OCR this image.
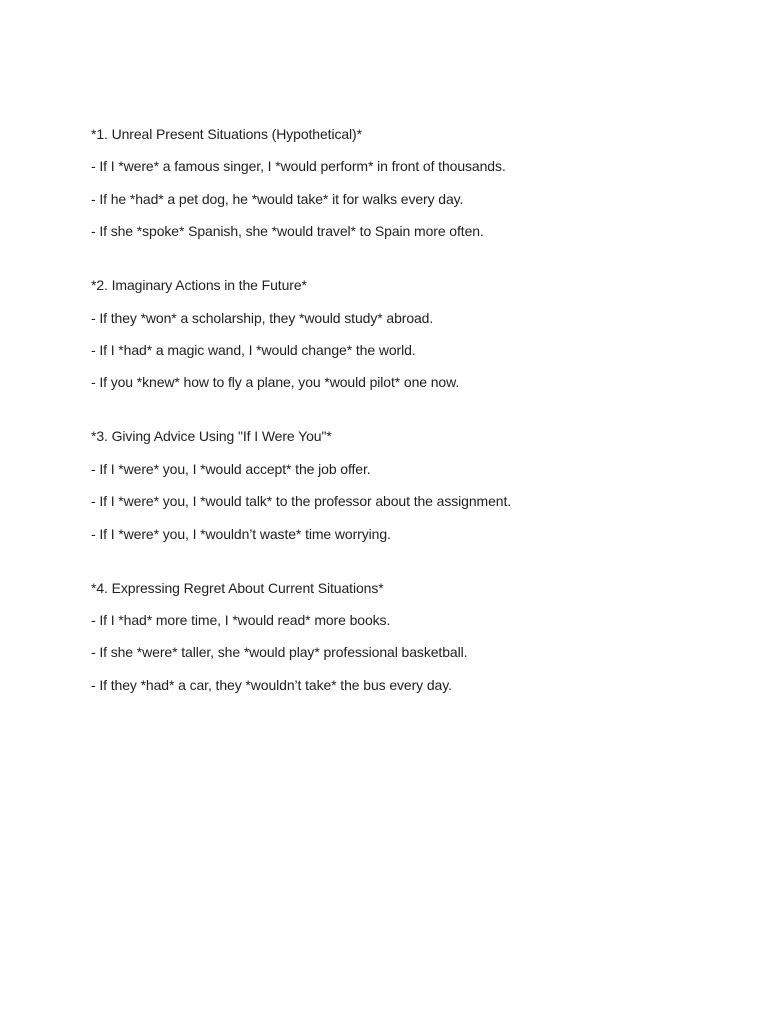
*1. Unreal Present Situations (Hypothetical)*

- If I *were* a famous singer, I *would perform* in front of thousands.

- If he *had* a pet dog, he *would take* it for walks every day.

- If she *spoke* Spanish, she *would travel* to Spain more often.

*2. Imaginary Actions in the Future*

- If they *won* a scholarship, they *would study* abroad.

- If I *had* a magic wand, I *would change* the world.

- If you *knew* how to fly a plane, you *would pilot* one now.

*3. Giving Advice Using "If I Were You"*

- If I *were* you, I *would accept* the job offer.

- If I *were* you, I *would talk* to the professor about the assignment.

- If I *were* you, I *wouldn’t waste* time worrying.

*4. Expressing Regret About Current Situations*

- If I *had* more time, I *would read* more books.

- If she *were* taller, she *would play* professional basketball.

- If they *had* a car, they *wouldn’t take* the bus every day.
